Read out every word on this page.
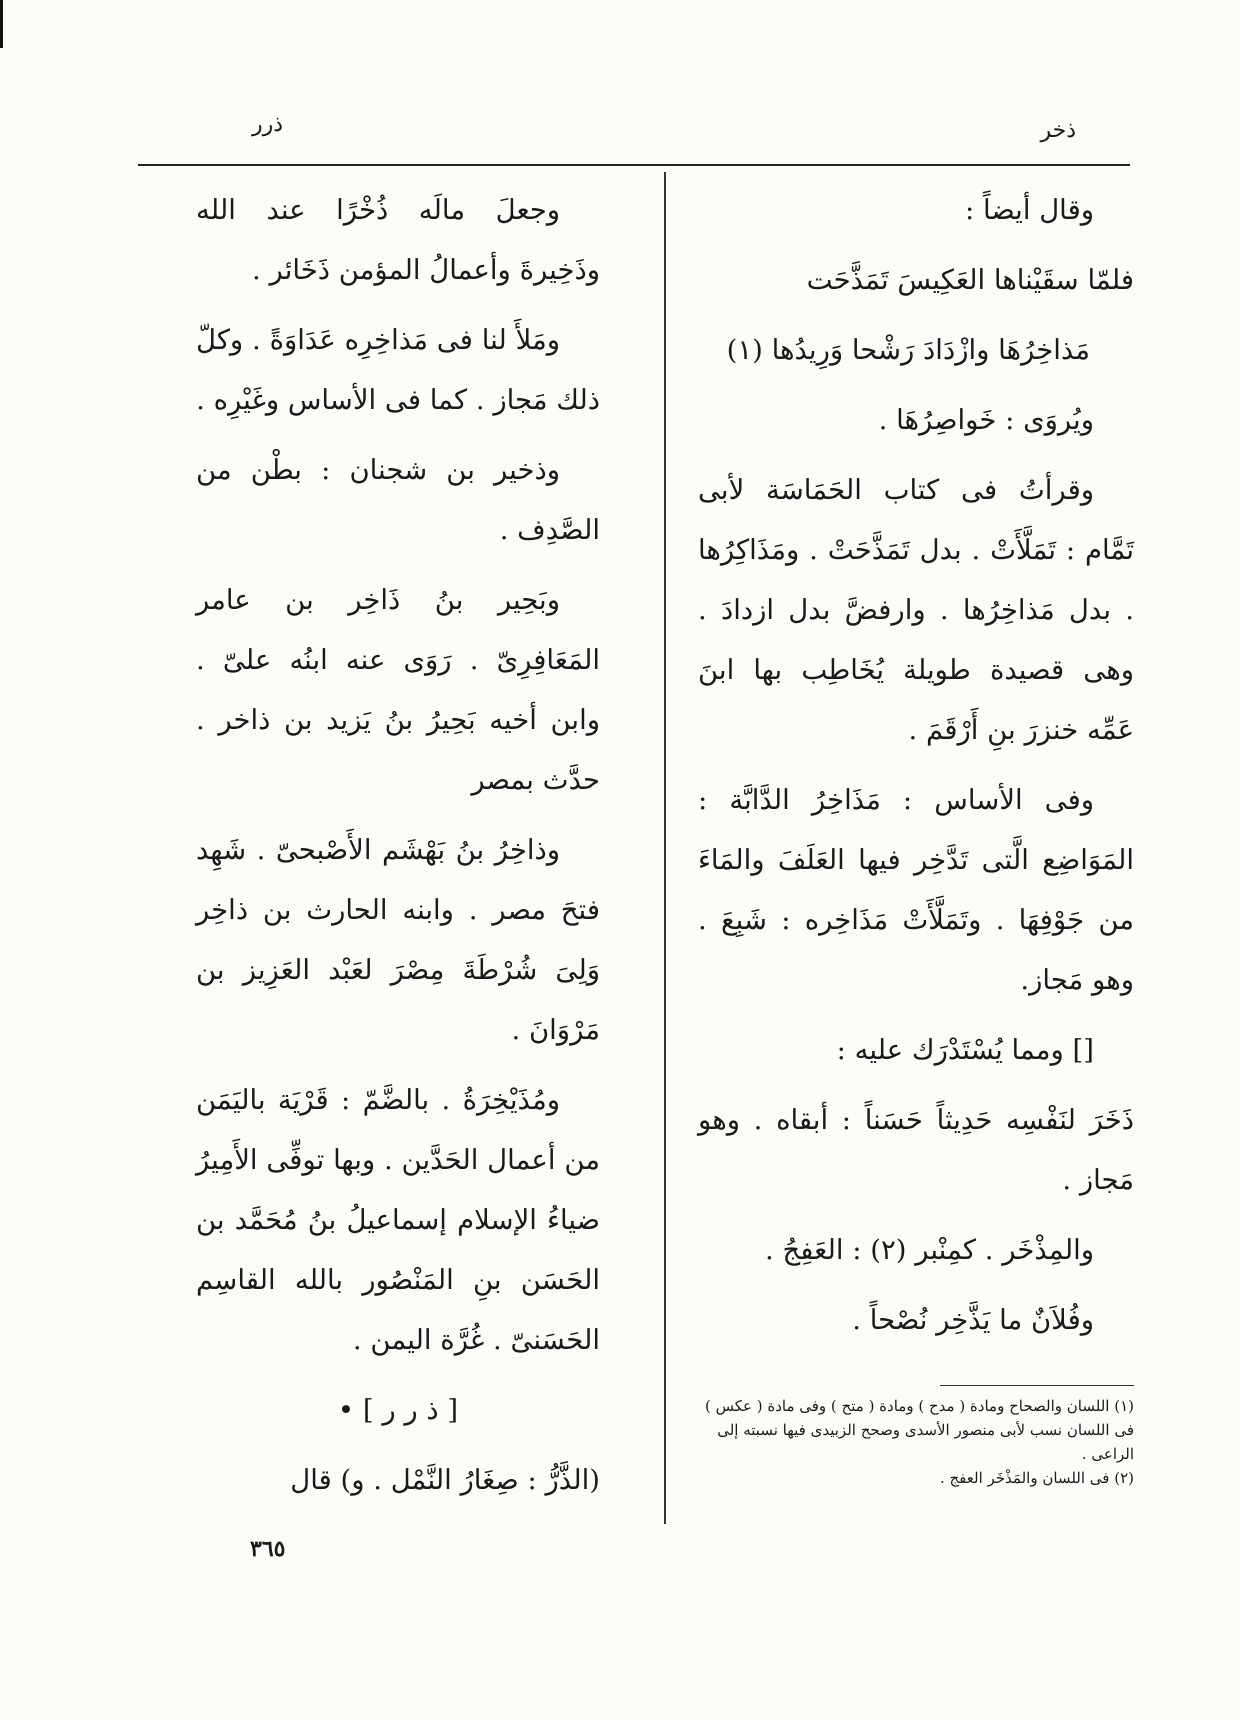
ذرر	ذخر

وقال أيضاً :

فلمّا سقَيْناها العَكِيسَ تَمَذَّحَت

مَذاخِرُهَا وازْدَادَ رَشْحا وَرِيدُها (١)

ويُروَى : خَواصِرُهَا .

وقرأتُ فى كتاب الحَمَاسَة لأبى تَمَّام : تَمَلَّأَتْ . بدل تَمَذَّحَتْ . ومَذَاكِرُها . بدل مَذاخِرُها . وارفضَّ بدل ازدادَ . وهى قصيدة طويلة يُخَاطِب بها ابنَ عَمِّه خنزرَ بنِ أَرْقَمَ .

وفى الأساس : مَذَاخِرُ الدَّابَّة : المَوَاضِع الَّتى تَدَّخِر فيها العَلَفَ والمَاءَ من جَوْفِهَا . وتَمَلَّأَتْ مَذَاخِره : شَبِعَ . وهو مَجاز.

[] ومما يُسْتَدْرَك عليه :

ذَخَرَ لنَفْسِه حَدِيثاً حَسَناً : أبقاه . وهو مَجاز .

والمِذْخَر . كمِنْبر (٢) : العَفِجُ .

وفُلاَنٌ ما يَذَّخِر نُصْحاً .

وجعلَ مالَه ذُخْرًا عند الله وذَخِيرةَ وأعمالُ المؤمن ذَخَائر .

ومَلأَ لنا فى مَذاخِرِه عَدَاوَةً . وكلّ ذلك مَجاز . كما فى الأساس وغَيْرِه .

وذخير بن شجنان : بطْن من الصَّدِف .

وبَحِير بنُ ذَاخِر بن عامر المَعَافِرِىّ . رَوَى عنه ابنُه علىّ . وابن أخيه بَحِيرُ بنُ يَزيد بن ذاخر . حدَّث بمصر

وذاخِرُ بنُ بَهْشَم الأَصْبحىّ . شَهِد فتحَ مصر . وابنه الحارث بن ذاخِر وَلِىَ شُرْطَةَ مِصْرَ لعَبْد العَزِيز بن مَرْوَانَ .

ومُذَيْخِرَةُ . بالضَّمّ : قَرْيَة باليَمَن من أعمال الحَدَّين . وبها توفِّى الأَمِيرُ ضياءُ الإسلام إسماعيلُ بنُ مُحَمَّد بن الحَسَن بنِ المَنْصُور بالله القاسِم الحَسَنىّ . غُرَّة اليمن .

[ ذ ر ر ] •

(الذَّرُّ : صِغَارُ النَّمْل . و) قال

(١) اللسان والصحاح ومادة ( مدح ) ومادة ( متح ) وفى مادة ( عكس ) فى اللسان نسب لأبى منصور الأسدى وصحح الزبيدى فيها نسبته إلى الراعى .

(٢) فى اللسان والمَذْخَر العفج .

٣٦٥
